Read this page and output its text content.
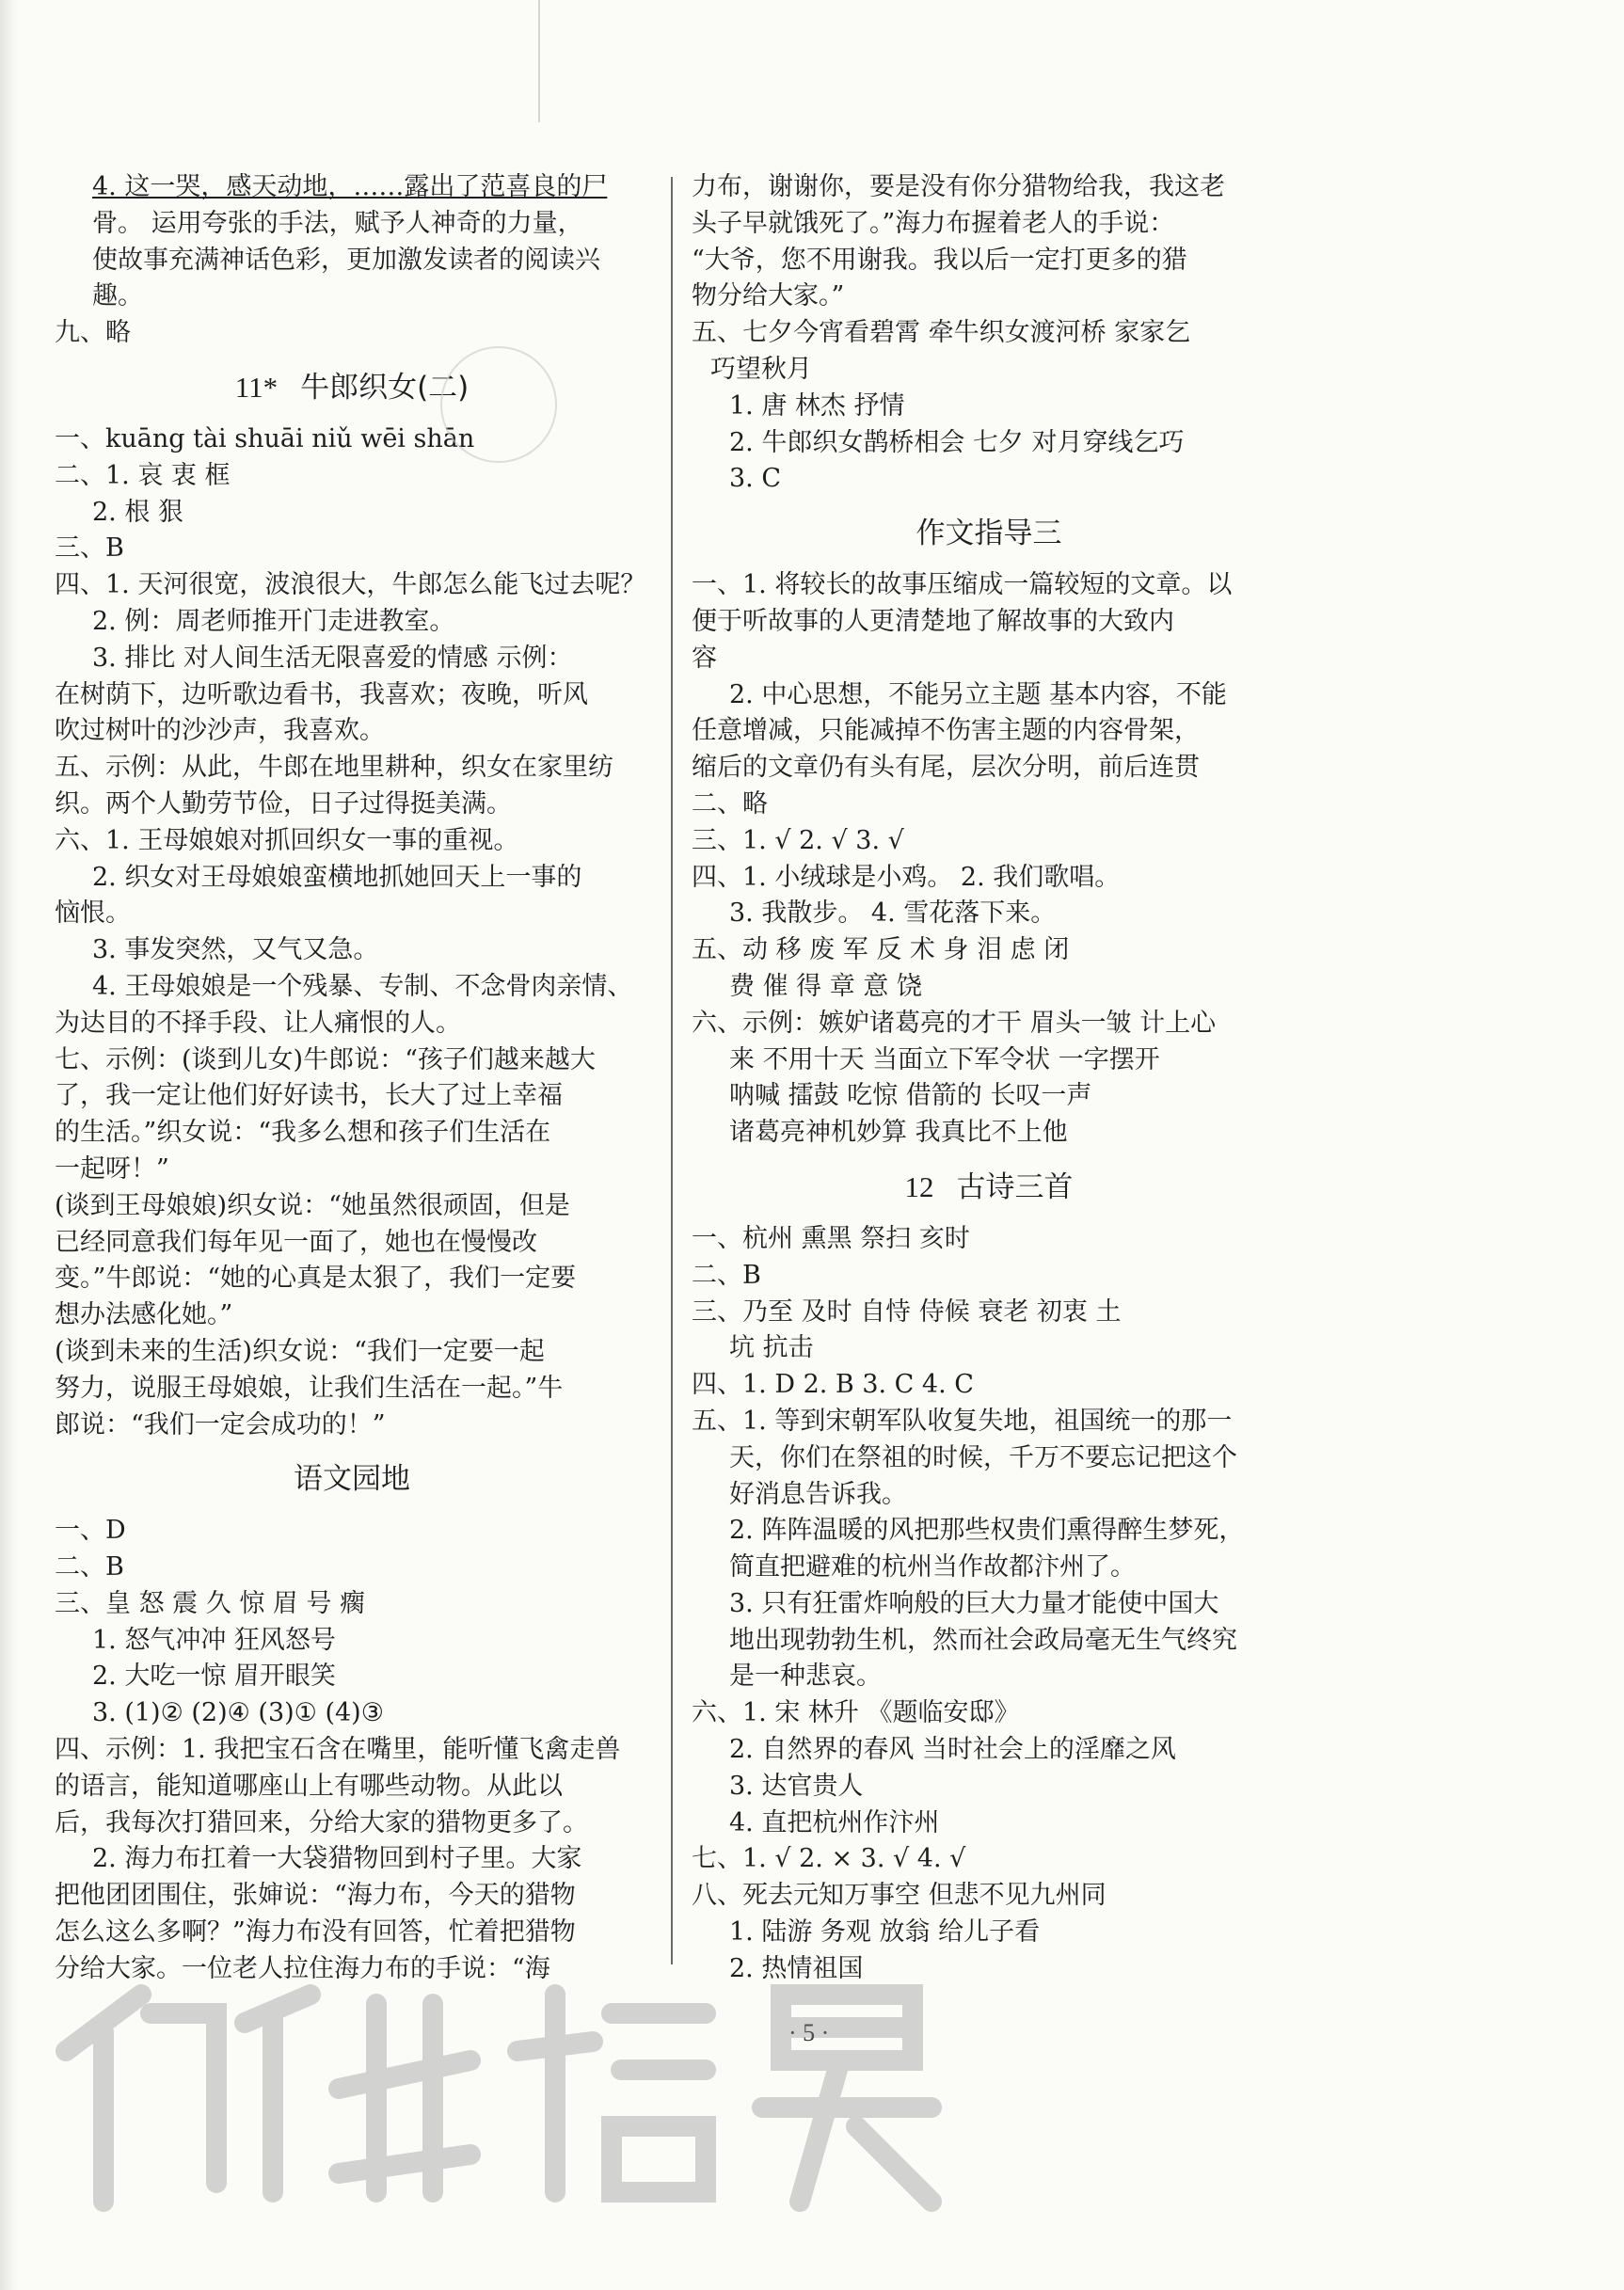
4. 这一哭，感天动地，……露出了范喜良的尸
骨。 运用夸张的手法，赋予人神奇的力量，
使故事充满神话色彩，更加激发读者的阅读兴
趣。
九、略
11* 牛郎织女(二)
一、kuāng tài shuāi niǔ wēi shān
二、1. 哀 衷 框
2. 根 狠
三、B
四、1. 天河很宽，波浪很大，牛郎怎么能飞过去呢？
2. 例：周老师推开门走进教室。
3. 排比 对人间生活无限喜爱的情感 示例：
在树荫下，边听歌边看书，我喜欢；夜晚，听风
吹过树叶的沙沙声，我喜欢。
五、示例：从此，牛郎在地里耕种，织女在家里纺
织。两个人勤劳节俭，日子过得挺美满。
六、1. 王母娘娘对抓回织女一事的重视。
2. 织女对王母娘娘蛮横地抓她回天上一事的
恼恨。
3. 事发突然，又气又急。
4. 王母娘娘是一个残暴、专制、不念骨肉亲情、
为达目的不择手段、让人痛恨的人。
七、示例：(谈到儿女)牛郎说：“孩子们越来越大
了，我一定让他们好好读书，长大了过上幸福
的生活。”织女说：“我多么想和孩子们生活在
一起呀！”
(谈到王母娘娘)织女说：“她虽然很顽固，但是
已经同意我们每年见一面了，她也在慢慢改
变。”牛郎说：“她的心真是太狠了，我们一定要
想办法感化她。”
(谈到未来的生活)织女说：“我们一定要一起
努力，说服王母娘娘，让我们生活在一起。”牛
郎说：“我们一定会成功的！”
语文园地
一、D
二、B
三、皇 怒 震 久 惊 眉 号 瘸
1. 怒气冲冲 狂风怒号
2. 大吃一惊 眉开眼笑
3. (1)② (2)④ (3)① (4)③
四、示例：1. 我把宝石含在嘴里，能听懂飞禽走兽
的语言，能知道哪座山上有哪些动物。从此以
后，我每次打猎回来，分给大家的猎物更多了。
2. 海力布扛着一大袋猎物回到村子里。大家
把他团团围住，张婶说：“海力布，今天的猎物
怎么这么多啊？”海力布没有回答，忙着把猎物
分给大家。一位老人拉住海力布的手说：“海
力布，谢谢你，要是没有你分猎物给我，我这老
头子早就饿死了。”海力布握着老人的手说：
“大爷，您不用谢我。我以后一定打更多的猎
物分给大家。”
五、七夕今宵看碧霄 牵牛织女渡河桥 家家乞
巧望秋月
1. 唐 林杰 抒情
2. 牛郎织女鹊桥相会 七夕 对月穿线乞巧
3. C
作文指导三
一、1. 将较长的故事压缩成一篇较短的文章。以
便于听故事的人更清楚地了解故事的大致内
容
2. 中心思想，不能另立主题 基本内容，不能
任意增减，只能减掉不伤害主题的内容骨架，
缩后的文章仍有头有尾，层次分明，前后连贯
二、略
三、1. √ 2. √ 3. √
四、1. 小绒球是小鸡。 2. 我们歌唱。
3. 我散步。 4. 雪花落下来。
五、动 移 废 军 反 术 身 泪 虑 闭
费 催 得 章 意 饶
六、示例：嫉妒诸葛亮的才干 眉头一皱 计上心
来 不用十天 当面立下军令状 一字摆开
呐喊 擂鼓 吃惊 借箭的 长叹一声
诸葛亮神机妙算 我真比不上他
12 古诗三首
一、杭州 熏黑 祭扫 亥时
二、B
三、乃至 及时 自恃 侍候 衰老 初衷 土
坑 抗击
四、1. D 2. B 3. C 4. C
五、1. 等到宋朝军队收复失地，祖国统一的那一
天，你们在祭祖的时候，千万不要忘记把这个
好消息告诉我。
2. 阵阵温暖的风把那些权贵们熏得醉生梦死，
简直把避难的杭州当作故都汴州了。
3. 只有狂雷炸响般的巨大力量才能使中国大
地出现勃勃生机，然而社会政局毫无生气终究
是一种悲哀。
六、1. 宋 林升 《题临安邸》
2. 自然界的春风 当时社会上的淫靡之风
3. 达官贵人
4. 直把杭州作汴州
七、1. √ 2. × 3. √ 4. √
八、死去元知万事空 但悲不见九州同
1. 陆游 务观 放翁 给儿子看
2. 热情祖国
· 5 ·
